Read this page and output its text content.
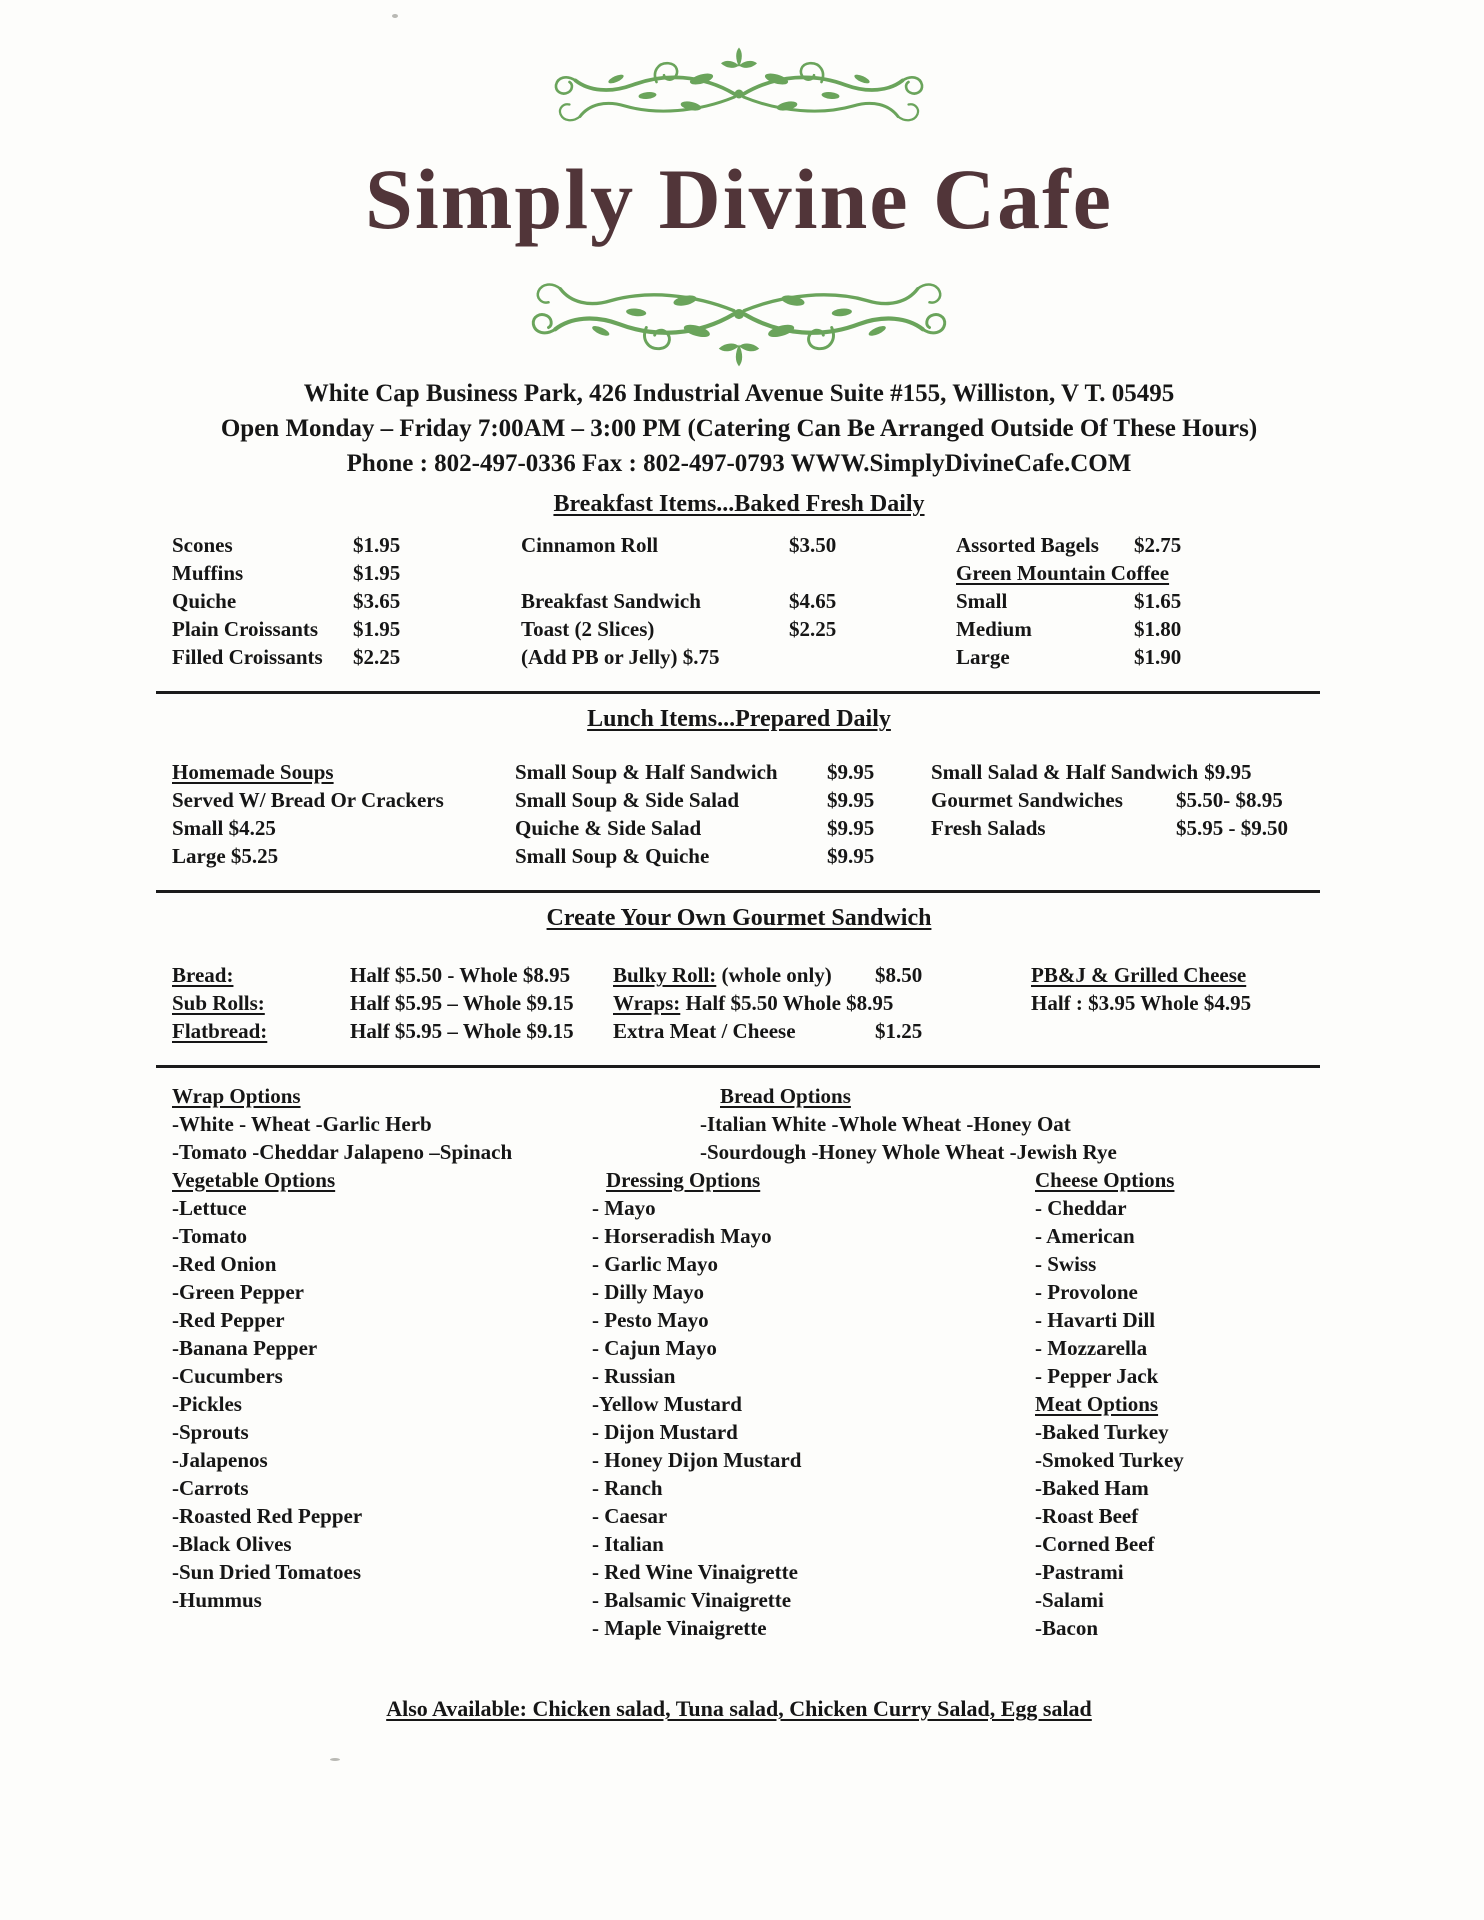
Simply Divine Cafe
White Cap Business Park, 426 Industrial Avenue Suite #155, Williston, V T. 05495
Open Monday – Friday 7:00AM – 3:00 PM (Catering Can Be Arranged Outside Of These Hours)
Phone : 802-497-0336 Fax : 802-497-0793 WWW.SimplyDivineCafe.COM
Breakfast Items...Baked Fresh Daily
Scones	$1.95
Muffins	$1.95
Quiche	$3.65
Plain Croissants	$1.95
Filled Croissants	$2.25
Cinnamon Roll	$3.50
Breakfast Sandwich	$4.65
Toast (2 Slices)	$2.25
(Add PB or Jelly) $.75
Assorted Bagels	$2.75
Green Mountain Coffee
Small	$1.65
Medium	$1.80
Large	$1.90
Lunch Items...Prepared Daily
Homemade Soups
Served W/ Bread Or Crackers
Small $4.25
Large $5.25
Small Soup & Half Sandwich	$9.95
Small Soup & Side Salad	$9.95
Quiche & Side Salad	$9.95
Small Soup & Quiche	$9.95
Small Salad & Half Sandwich $9.95
Gourmet Sandwiches	$5.50- $8.95
Fresh Salads	$5.95 - $9.50
Create Your Own Gourmet Sandwich
Bread:	Half $5.50 - Whole $8.95
Sub Rolls:	Half $5.95 – Whole $9.15
Flatbread:	Half $5.95 – Whole $9.15
Bulky Roll: (whole only) $8.50
Wraps: Half $5.50 Whole $8.95
Extra Meat / Cheese	$1.25
PB&J & Grilled Cheese
Half : $3.95 Whole $4.95
Wrap Options
-White - Wheat -Garlic Herb
-Tomato -Cheddar Jalapeno –Spinach
Vegetable Options
-Lettuce
-Tomato
-Red Onion
-Green Pepper
-Red Pepper
-Banana Pepper
-Cucumbers
-Pickles
-Sprouts
-Jalapenos
-Carrots
-Roasted Red Pepper
-Black Olives
-Sun Dried Tomatoes
-Hummus
Bread Options
-Italian White -Whole Wheat -Honey Oat
-Sourdough -Honey Whole Wheat -Jewish Rye
Dressing Options
- Mayo
- Horseradish Mayo
- Garlic Mayo
- Dilly Mayo
- Pesto Mayo
- Cajun Mayo
- Russian
-Yellow Mustard
- Dijon Mustard
- Honey Dijon Mustard
- Ranch
- Caesar
- Italian
- Red Wine Vinaigrette
- Balsamic Vinaigrette
- Maple Vinaigrette
Cheese Options
- Cheddar
- American
- Swiss
- Provolone
- Havarti Dill
- Mozzarella
- Pepper Jack
Meat Options
-Baked Turkey
-Smoked Turkey
-Baked Ham
-Roast Beef
-Corned Beef
-Pastrami
-Salami
-Bacon
Also Available: Chicken salad, Tuna salad, Chicken Curry Salad, Egg salad
